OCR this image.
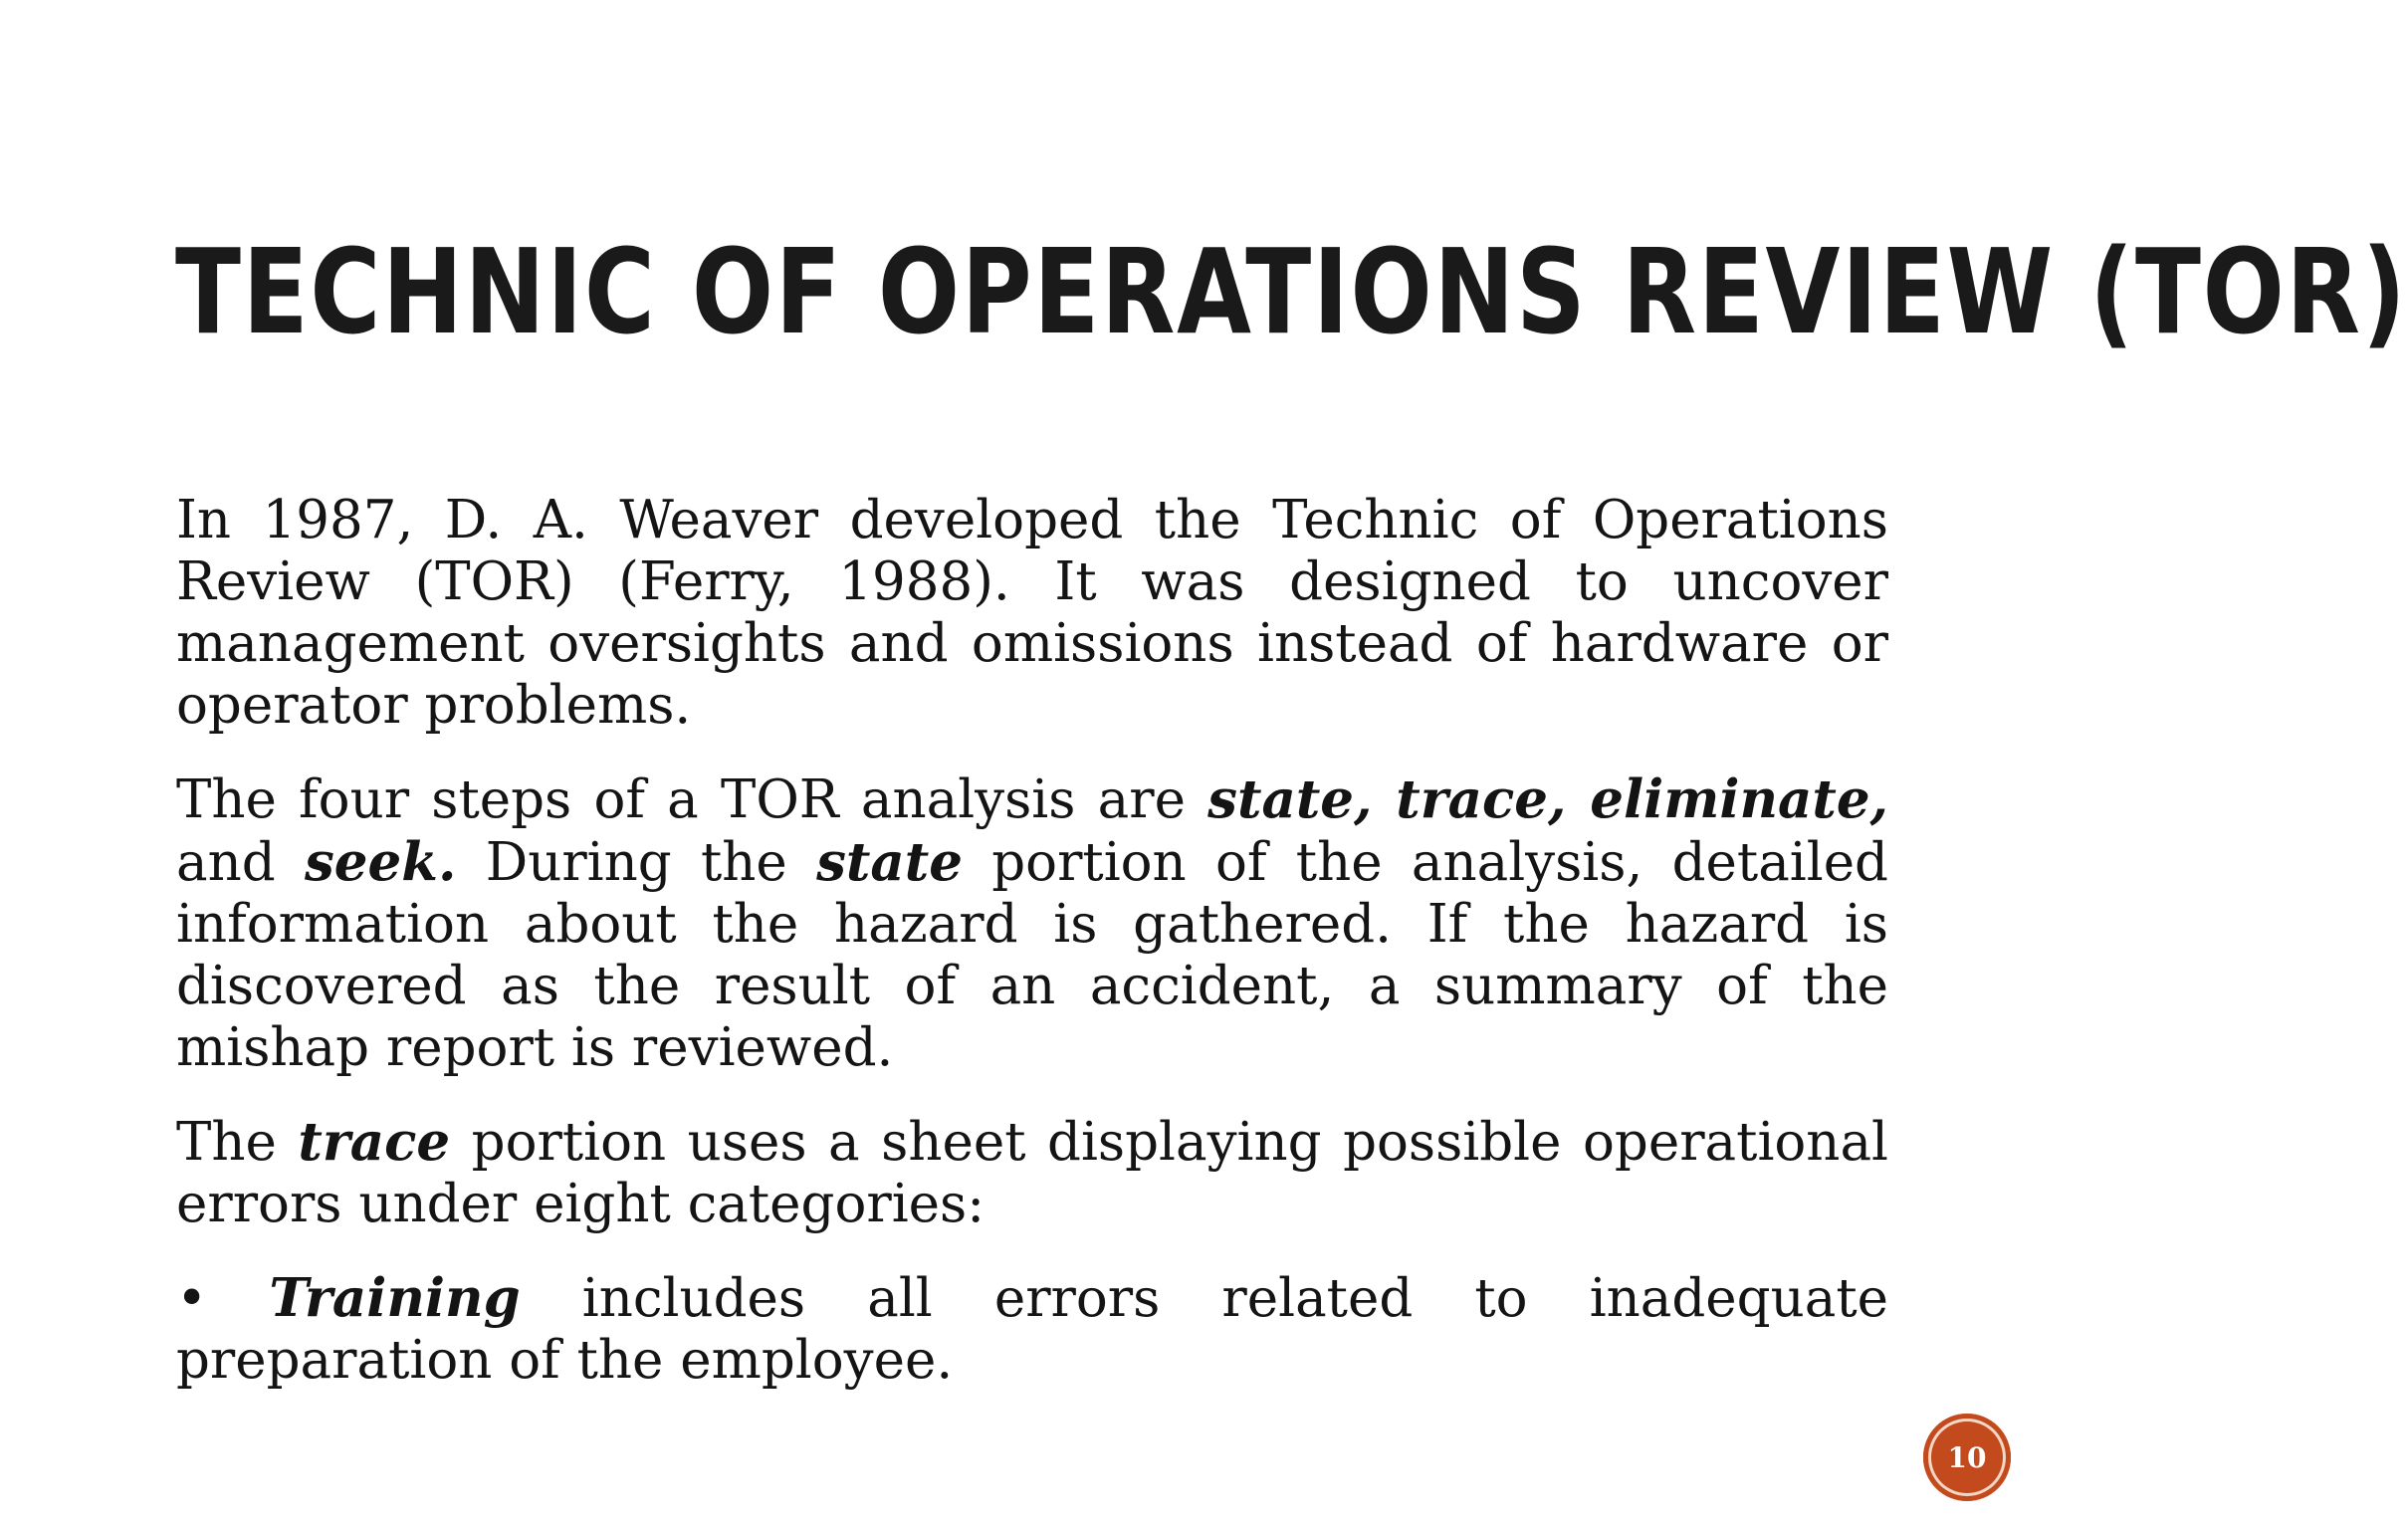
TECHNIC OF OPERATIONS REVIEW (TOR)

In 1987, D. A. Weaver developed the Technic of Operations Review (TOR) (Ferry, 1988). It was designed to uncover management oversights and omissions instead of hardware or operator problems.

The four steps of a TOR analysis are state, trace, eliminate, and seek. During the state portion of the analysis, detailed information about the hazard is gathered. If the hazard is discovered as the result of an accident, a summary of the mishap report is reviewed.

The trace portion uses a sheet displaying possible operational errors under eight categories:

• Training includes all errors related to inadequate preparation of the employee.

10
